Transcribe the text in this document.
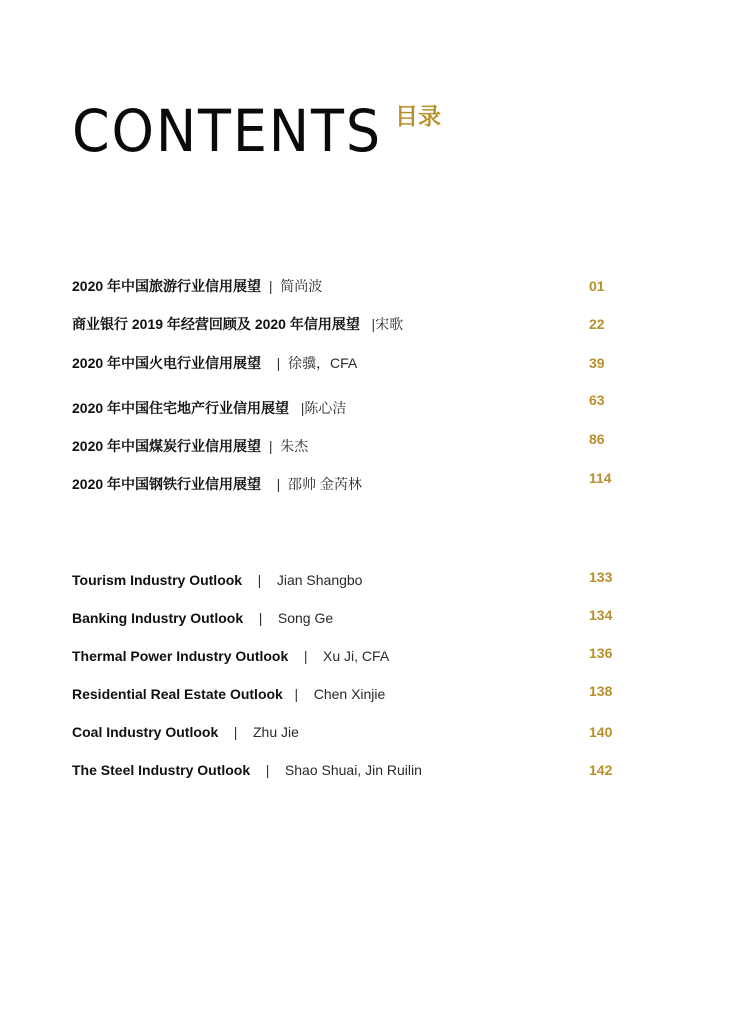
CONTENTS 目录
2020 年中国旅游行业信用展望 | 简尚波	01
商业银行 2019 年经营回顾及 2020 年信用展望 |宋歌	22
2020 年中国火电行业信用展望 | 徐骥，CFA	39
2020 年中国住宅地产行业信用展望 |陈心洁	63
2020 年中国煤炭行业信用展望 | 朱杰	86
2020 年中国钢铁行业信用展望 | 邵帅 金芮林	114
Tourism Industry Outlook | Jian Shangbo	133
Banking Industry Outlook | Song Ge	134
Thermal Power Industry Outlook | Xu Ji, CFA	136
Residential Real Estate Outlook | Chen Xinjie	138
Coal Industry Outlook | Zhu Jie	140
The Steel Industry Outlook | Shao Shuai, Jin Ruilin	142
